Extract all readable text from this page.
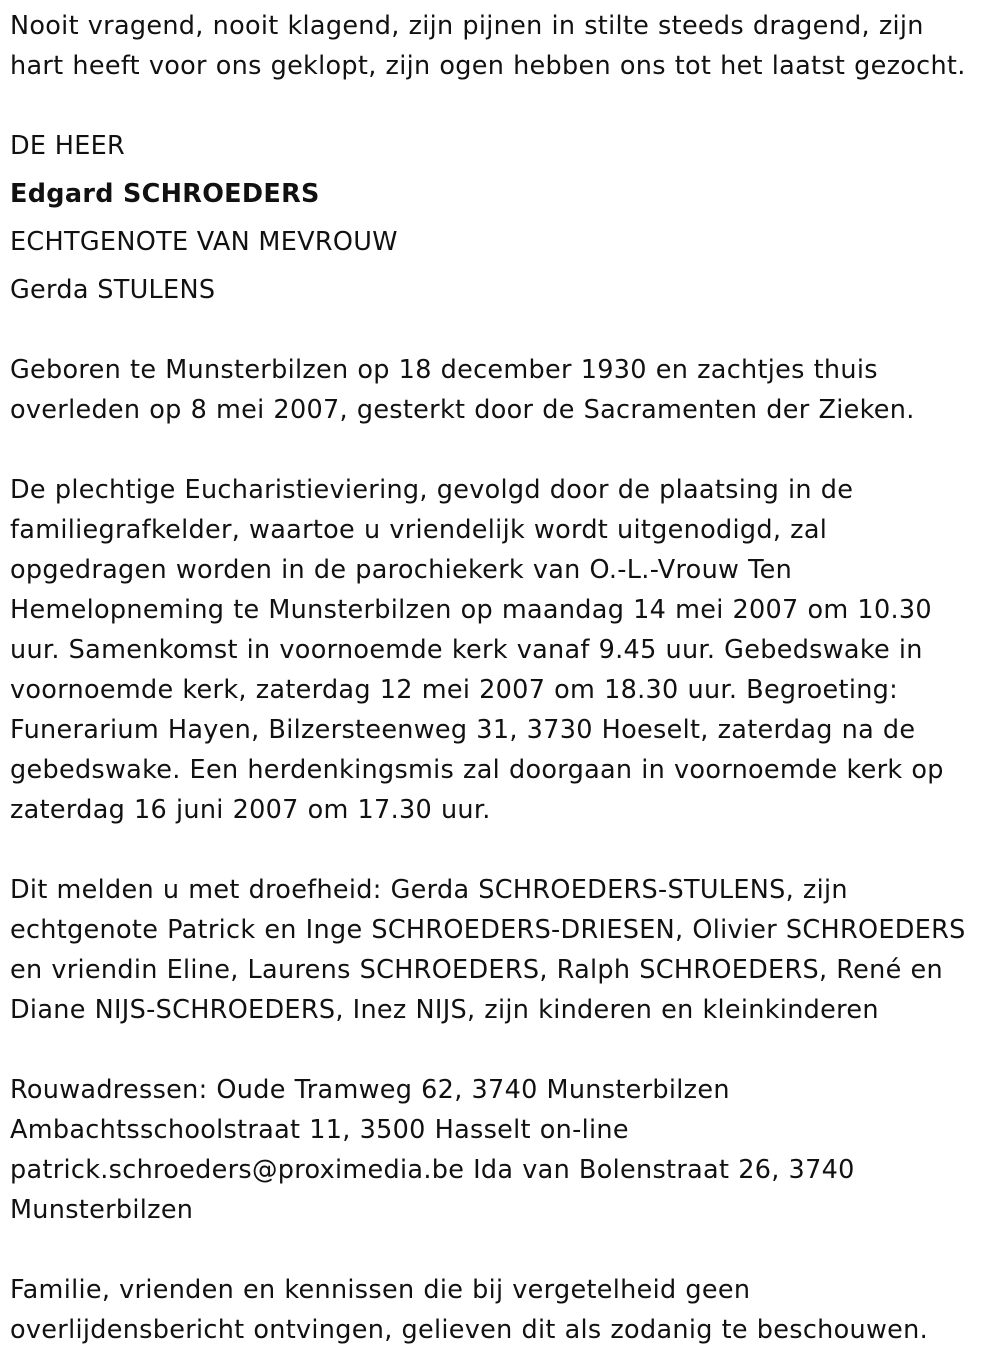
Nooit vragend, nooit klagend, zijn pijnen in stilte steeds dragend, zijn
hart heeft voor ons geklopt, zijn ogen hebben ons tot het laatst gezocht.
DE HEER
Edgard SCHROEDERS
ECHTGENOTE VAN MEVROUW
Gerda STULENS
Geboren te Munsterbilzen op 18 december 1930 en zachtjes thuis
overleden op 8 mei 2007, gesterkt door de Sacramenten der Zieken.
De plechtige Eucharistieviering, gevolgd door de plaatsing in de
familiegrafkelder, waartoe u vriendelijk wordt uitgenodigd, zal
opgedragen worden in de parochiekerk van O.-L.-Vrouw Ten
Hemelopneming te Munsterbilzen op maandag 14 mei 2007 om 10.30
uur. Samenkomst in voornoemde kerk vanaf 9.45 uur. Gebedswake in
voornoemde kerk, zaterdag 12 mei 2007 om 18.30 uur. Begroeting:
Funerarium Hayen, Bilzersteenweg 31, 3730 Hoeselt, zaterdag na de
gebedswake. Een herdenkingsmis zal doorgaan in voornoemde kerk op
zaterdag 16 juni 2007 om 17.30 uur.
Dit melden u met droefheid: Gerda SCHROEDERS-STULENS, zijn
echtgenote Patrick en Inge SCHROEDERS-DRIESEN, Olivier SCHROEDERS
en vriendin Eline, Laurens SCHROEDERS, Ralph SCHROEDERS, René en
Diane NIJS-SCHROEDERS, Inez NIJS, zijn kinderen en kleinkinderen
Rouwadressen: Oude Tramweg 62, 3740 Munsterbilzen
Ambachtsschoolstraat 11, 3500 Hasselt on-line
patrick.schroeders@proximedia.be Ida van Bolenstraat 26, 3740
Munsterbilzen
Familie, vrienden en kennissen die bij vergetelheid geen
overlijdensbericht ontvingen, gelieven dit als zodanig te beschouwen.
